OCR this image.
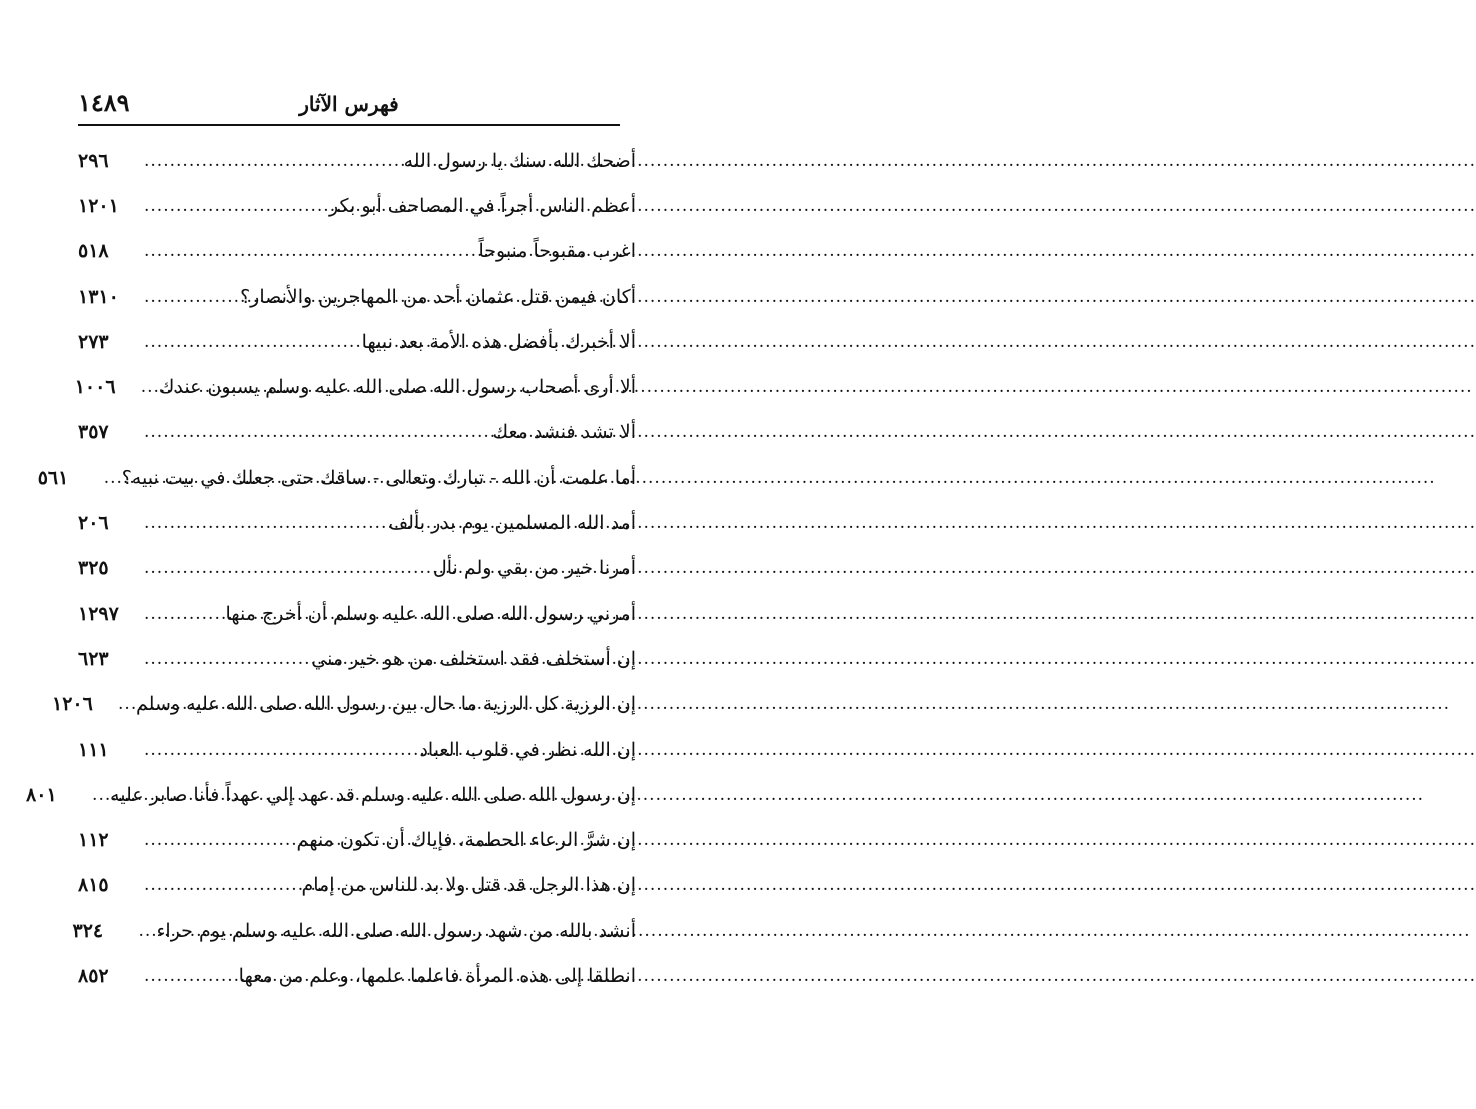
١٤٨٩	فهرس الآثار
أضحك الله سنك يا رسول الله
.....
٢٩٦
أعظم الناس أجراً في المصاحف أبو بكر
.....
١٢٠١
اغرب مقبوحاً منبوحاً
.....
٥١٨
أكان فيمن قتل عثمان أحد من المهاجرين والأنصار؟
.....
١٣١٠
ألا أخبرك بأفضل هذه الأمة بعد نبيها
.....
٢٧٣
ألا أرى أصحاب رسول الله صلى الله عليه وسلم يسبون عندك
.....
١٠٠٦
ألا تشد فنشد معك
.....
٣٥٧
أما علمت أن الله - تبارك وتعالى - ساقك حتى جعلك في بيت نبيه؟
.....
٥٦١
أمد الله المسلمين يوم بدر بألف
.....
٢٠٦
أمرنا خير من بقي ولم نأل
.....
٣٢٥
أمرني رسول الله صلى الله عليه وسلم أن أخرج منها
.....
١٢٩٧
إن أستخلف فقد استخلف من هو خير مني
.....
٦٢٣
إن الرزية كل الرزية ما حال بين رسول الله صلى الله عليه وسلم
.....
١٢٠٦
إن الله نظر في قلوب العباد
.....
١١١
إن رسول الله صلى الله عليه وسلم قد عهد إلي عهداً فأنا صابر عليه
.....
٨٠١
إن شرَّ الرعاء الحطمة، فإياك أن تكون منهم
.....
١١٢
إن هذا الرجل قد قتل ولا بد للناس من إمام
.....
٨١٥
أنشد بالله من شهد رسول الله صلى الله عليه وسلم يوم حراء
.....
٣٢٤
انطلقا إلى هذه المرأة فاعلما علمها، وعلم من معها
.....
٨٥٢
